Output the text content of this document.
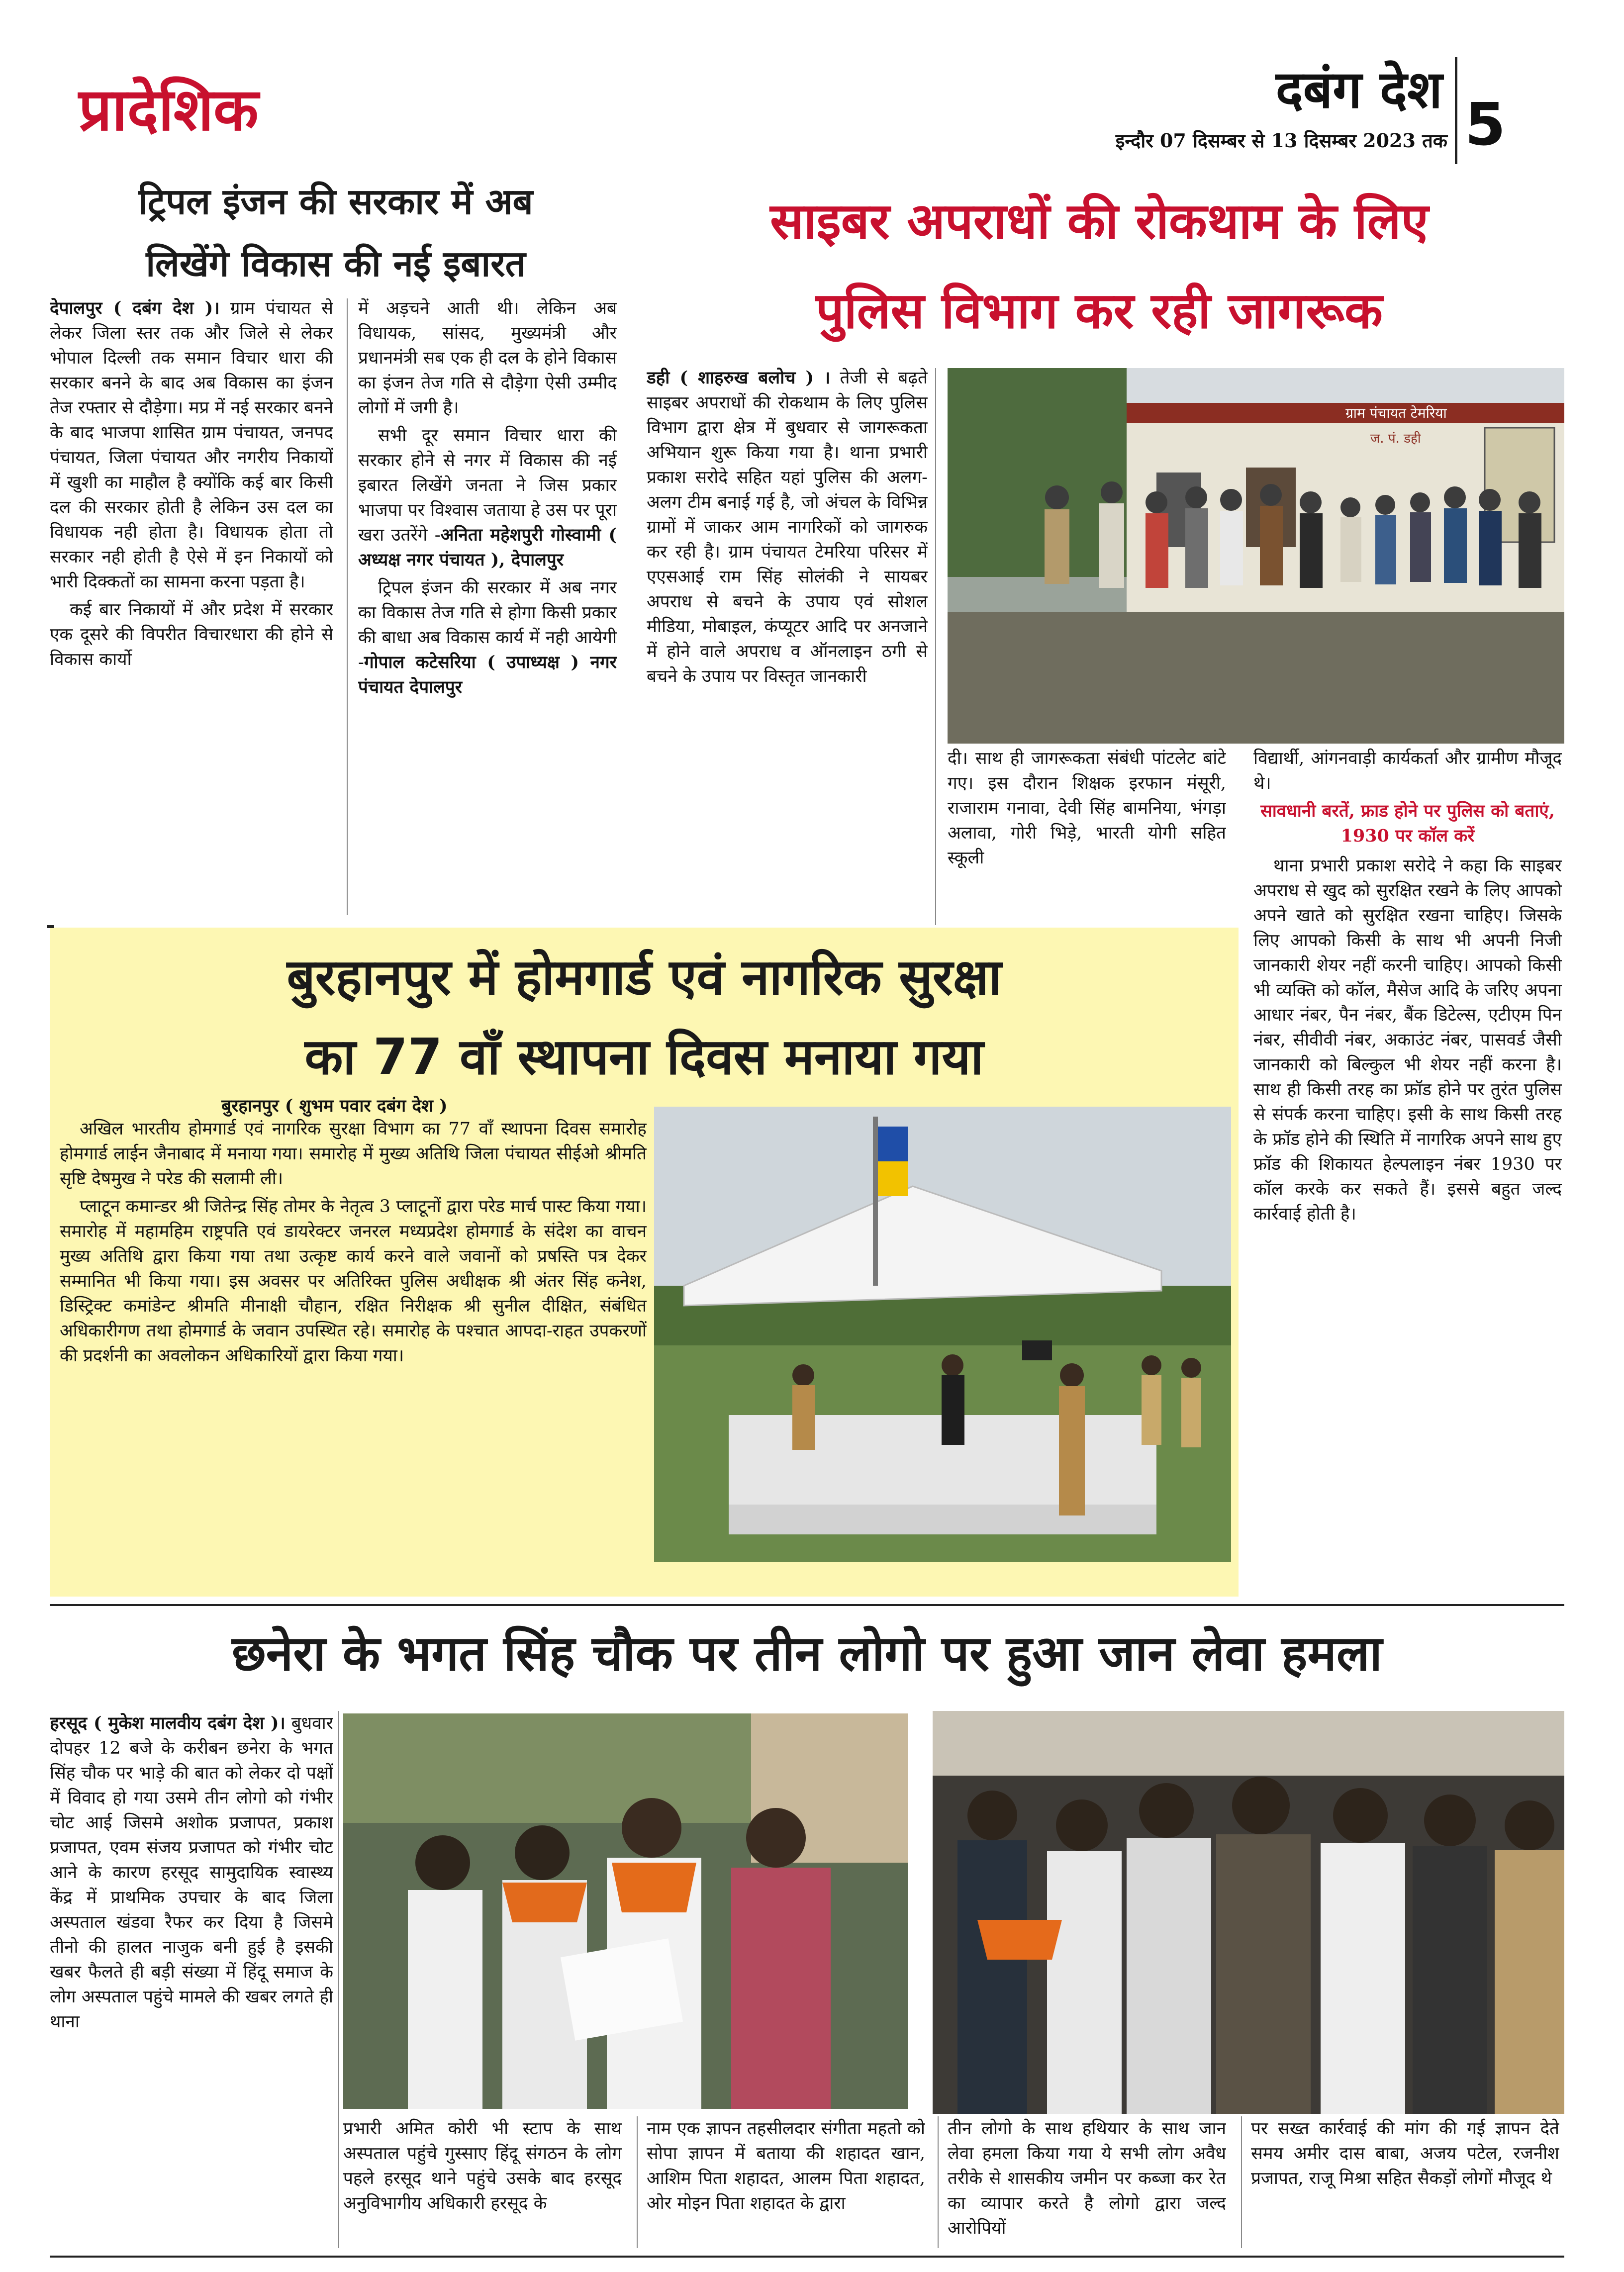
प्रादेशिक	दबंग देश
इन्दौर 07 दिसम्बर से 13 दिसम्बर 2023 तक 5
ट्रिपल इंजन की सरकार में अब
लिखेंगे विकास की नई इबारत

देपालपुर ( दबंग देश )। ग्राम पंचायत से लेकर जिला स्तर तक और जिले से लेकर भोपाल दिल्ली तक समान विचार धारा की सरकार बनने के बाद अब विकास का इंजन तेज रफ्तार से दौड़ेगा। मप्र में नई सरकार बनने के बाद भाजपा शासित ग्राम पंचायत, जनपद पंचायत, जिला पंचायत और नगरीय निकायों में खुशी का माहौल है क्योंकि कई बार किसी दल की सरकार होती है लेकिन उस दल का विधायक नही होता है। विधायक होता तो सरकार नही होती है ऐसे में इन निकायों को भारी दिक्कतों का सामना करना पड़ता है।

कई बार निकायों में और प्रदेश में सरकार एक दूसरे की विपरीत विचारधारा की होने से विकास कार्यो

में अड़चने आती थी। लेकिन अब विधायक, सांसद, मुख्यमंत्री और प्रधानमंत्री सब एक ही दल के होने विकास का इंजन तेज गति से दौड़ेगा ऐसी उम्मीद लोगों में जगी है।

सभी दूर समान विचार धारा की सरकार होने से नगर में विकास की नई इबारत लिखेंगे जनता ने जिस प्रकार भाजपा पर विश्वास जताया हे उस पर पूरा खरा उतरेंगे -अनिता महेशपुरी गोस्वामी ( अध्यक्ष नगर पंचायत ), देपालपुर

ट्रिपल इंजन की सरकार में अब नगर का विकास तेज गति से होगा किसी प्रकार की बाधा अब विकास कार्य में नही आयेगी -गोपाल कटेसरिया ( उपाध्यक्ष ) नगर पंचायत देपालपुर

साइबर अपराधों की रोकथाम के लिए
पुलिस विभाग कर रही जागरूक

डही ( शाहरुख बलोच ) । तेजी से बढ़ते साइबर अपराधों की रोकथाम के लिए पुलिस विभाग द्वारा क्षेत्र में बुधवार से जागरूकता अभियान शुरू किया गया है। थाना प्रभारी प्रकाश सरोदे सहित यहां पुलिस की अलग-अलग टीम बनाई गई है, जो अंचल के विभिन्न ग्रामों में जाकर आम नागरिकों को जागरुक कर रही है। ग्राम पंचायत टेमरिया परिसर में एएसआई राम सिंह सोलंकी ने सायबर अपराध से बचने के उपाय एवं सोशल मीडिया, मोबाइल, कंप्यूटर आदि पर अनजाने में होने वाले अपराध व ऑनलाइन ठगी से बचने के उपाय पर विस्तृत जानकारी

ग्राम पंचायत टेमरिया
ज. पं. डही

दी। साथ ही जागरूकता संबंधी पांटलेट बांटे गए। इस दौरान शिक्षक इरफान मंसूरी, राजाराम गनावा, देवी सिंह बामनिया, भंगड़ा अलावा, गोरी भिड़े, भारती योगी सहित स्कूली

विद्यार्थी, आंगनवाड़ी कार्यकर्ता और ग्रामीण मौजूद थे।

सावधानी बरतें, फ्राड होने पर पुलिस को बताएं, 1930 पर कॉल करें

थाना प्रभारी प्रकाश सरोदे ने कहा कि साइबर अपराध से खुद को सुरक्षित रखने के लिए आपको अपने खाते को सुरक्षित रखना चाहिए। जिसके लिए आपको किसी के साथ भी अपनी निजी जानकारी शेयर नहीं करनी चाहिए। आपको किसी भी व्यक्ति को कॉल, मैसेज आदि के जरिए अपना आधार नंबर, पैन नंबर, बैंक डिटेल्स, एटीएम पिन नंबर, सीवीवी नंबर, अकाउंट नंबर, पासवर्ड जैसी जानकारी को बिल्कुल भी शेयर नहीं करना है। साथ ही किसी तरह का फ्रॉड होने पर तुरंत पुलिस से संपर्क करना चाहिए। इसी के साथ किसी तरह के फ्रॉड होने की स्थिति में नागरिक अपने साथ हुए फ्रॉड की शिकायत हेल्पलाइन नंबर 1930 पर कॉल करके कर सकते हैं। इससे बहुत जल्द कार्रवाई होती है।

बुरहानपुर में होमगार्ड एवं नागरिक सुरक्षा
का 77 वाँ स्थापना दिवस मनाया गया
बुरहानपुर ( शुभम पवार दबंग देश )

अखिल भारतीय होमगार्ड एवं नागरिक सुरक्षा विभाग का 77 वाँ स्थापना दिवस समारोह होमगार्ड लाईन जैनाबाद में मनाया गया। समारोह में मुख्य अतिथि जिला पंचायत सीईओ श्रीमति सृष्टि देषमुख ने परेड की सलामी ली।

प्लाटून कमान्डर श्री जितेन्द्र सिंह तोमर के नेतृत्व 3 प्लाटूनों द्वारा परेड मार्च पास्ट किया गया। समारोह में महामहिम राष्ट्रपति एवं डायरेक्टर जनरल मध्यप्रदेश होमगार्ड के संदेश का वाचन मुख्य अतिथि द्वारा किया गया तथा उत्कृष्ट कार्य करने वाले जवानों को प्रषस्ति पत्र देकर सम्मानित भी किया गया। इस अवसर पर अतिरिक्त पुलिस अधीक्षक श्री अंतर सिंह कनेश, डिस्ट्रिक्ट कमांडेन्ट श्रीमति मीनाक्षी चौहान, रक्षित निरीक्षक श्री सुनील दीक्षित, संबंधित अधिकारीगण तथा होमगार्ड के जवान उपस्थित रहे। समारोह के पश्चात आपदा-राहत उपकरणों की प्रदर्शनी का अवलोकन अधिकारियों द्वारा किया गया।

छनेरा के भगत सिंह चौक पर तीन लोगो पर हुआ जान लेवा हमला

हरसूद ( मुकेश मालवीय दबंग देश )। बुधवार दोपहर 12 बजे के करीबन छनेरा के भगत सिंह चौक पर भाड़े की बात को लेकर दो पक्षों में विवाद हो गया उसमे तीन लोगो को गंभीर चोट आई जिसमे अशोक प्रजापत, प्रकाश प्रजापत, एवम संजय प्रजापत को गंभीर चोट आने के कारण हरसूद सामुदायिक स्वास्थ्य केंद्र में प्राथमिक उपचार के बाद जिला अस्पताल खंडवा रैफर कर दिया है जिसमे तीनो की हालत नाजुक बनी हुई है इसकी खबर फैलते ही बड़ी संख्या में हिंदू समाज के लोग अस्पताल पहुंचे मामले की खबर लगते ही थाना

प्रभारी अमित कोरी भी स्टाप के साथ अस्पताल पहुंचे गुस्साए हिंदू संगठन के लोग पहले हरसूद थाने पहुंचे उसके बाद हरसूद अनुविभागीय अधिकारी हरसूद के

नाम एक ज्ञापन तहसीलदार संगीता महतो को सोपा ज्ञापन में बताया की शहादत खान, आशिम पिता शहादत, आलम पिता शहादत, ओर मोइन पिता शहादत के द्वारा

तीन लोगो के साथ हथियार के साथ जान लेवा हमला किया गया ये सभी लोग अवैध तरीके से शासकीय जमीन पर कब्जा कर रेत का व्यापार करते है लोगो द्वारा जल्द आरोपियों

पर सख्त कार्रवाई की मांग की गई ज्ञापन देते समय अमीर दास बाबा, अजय पटेल, रजनीश प्रजापत, राजू मिश्रा सहित सैकड़ों लोगों मौजूद थे
